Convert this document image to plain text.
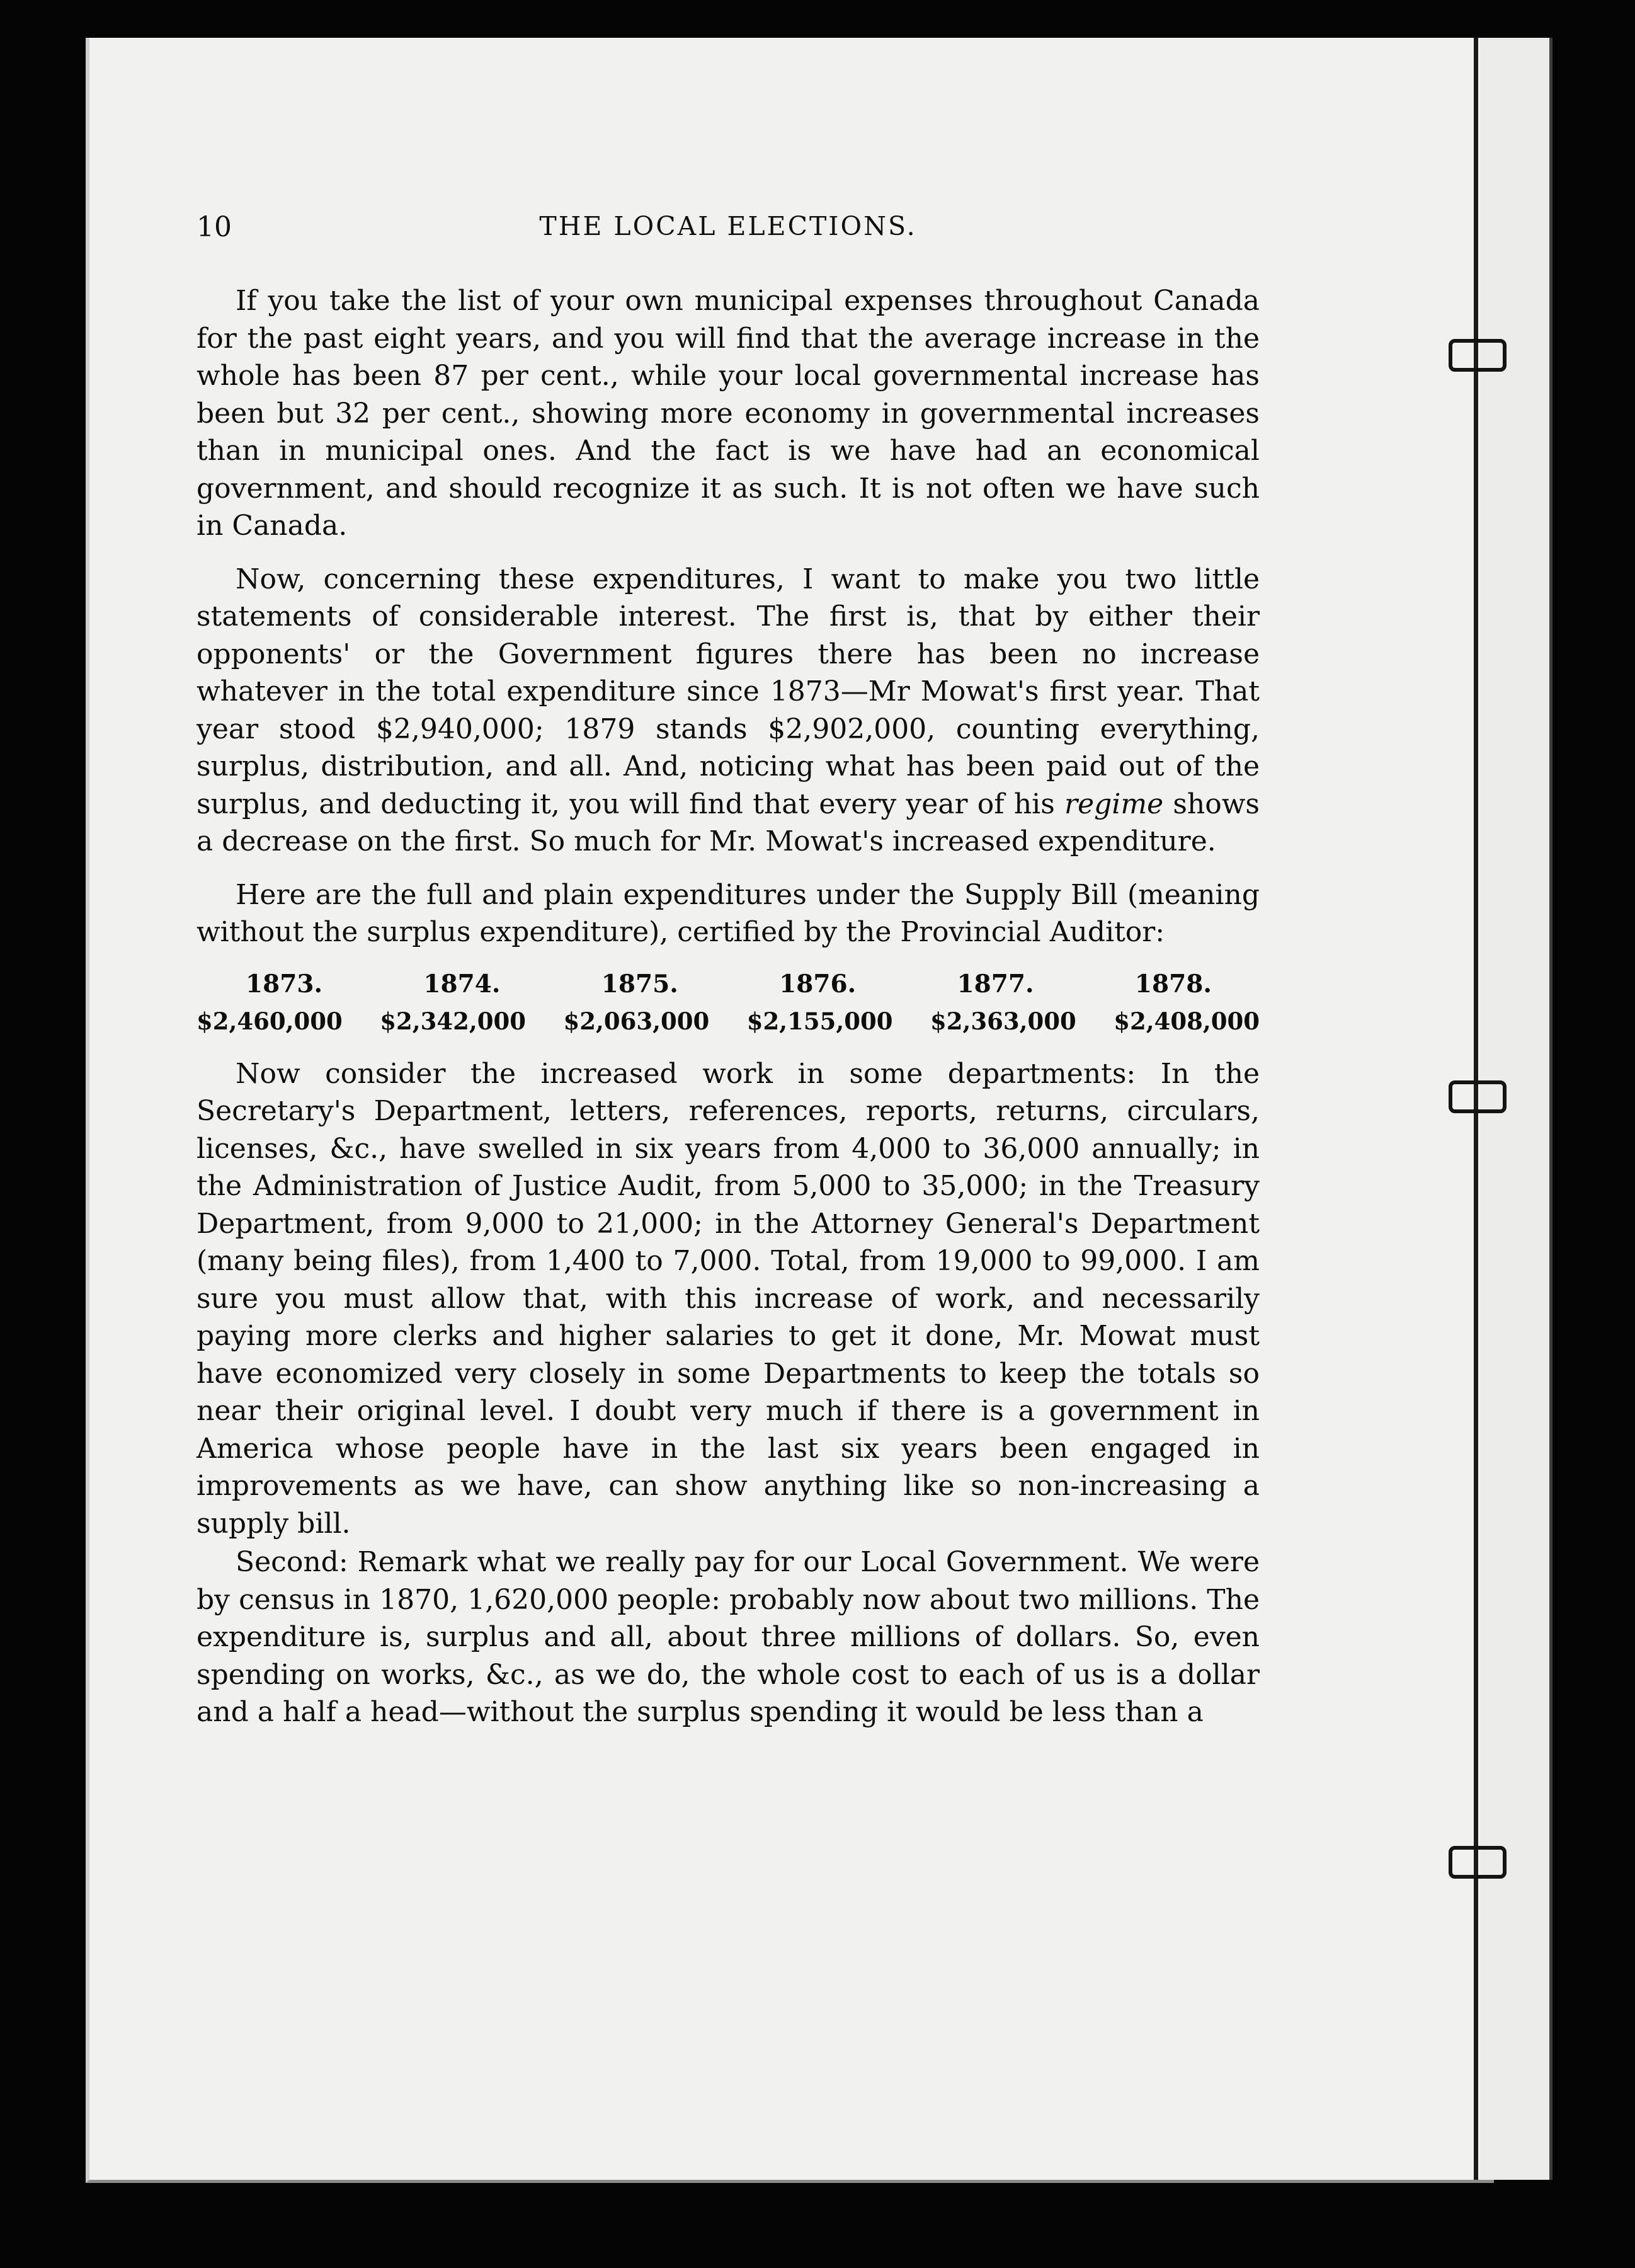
10	THE LOCAL ELECTIONS.

If you take the list of your own municipal expenses throughout Canada for the past eight years, and you will find that the average increase in the whole has been 87 per cent., while your local governmental increase has been but 32 per cent., showing more economy in governmental increases than in municipal ones. And the fact is we have had an economical government, and should recognize it as such. It is not often we have such in Canada.

Now, concerning these expenditures, I want to make you two little statements of considerable interest. The first is, that by either their opponents' or the Government figures there has been no increase whatever in the total expenditure since 1873—Mr Mowat's first year. That year stood $2,940,000; 1879 stands $2,902,000, counting everything, surplus, distribution, and all. And, noticing what has been paid out of the surplus, and deducting it, you will find that every year of his regime shows a decrease on the first. So much for Mr. Mowat's increased expenditure.

Here are the full and plain expenditures under the Supply Bill (meaning without the surplus expenditure), certified by the Provincial Auditor:

1873.	1874.	1875.	1876.	1877.	1878.
$2,460,000 $2,342,000 $2,063,000 $2,155,000 $2,363,000 $2,408,000

Now consider the increased work in some departments: In the Secretary's Department, letters, references, reports, returns, circulars, licenses, &c., have swelled in six years from 4,000 to 36,000 annually; in the Administration of Justice Audit, from 5,000 to 35,000; in the Treasury Department, from 9,000 to 21,000; in the Attorney General's Department (many being files), from 1,400 to 7,000. Total, from 19,000 to 99,000. I am sure you must allow that, with this increase of work, and necessarily paying more clerks and higher salaries to get it done, Mr. Mowat must have economized very closely in some Departments to keep the totals so near their original level. I doubt very much if there is a government in America whose people have in the last six years been engaged in improvements as we have, can show anything like so non-increasing a supply bill.

Second: Remark what we really pay for our Local Government. We were by census in 1870, 1,620,000 people: probably now about two millions. The expenditure is, surplus and all, about three millions of dollars. So, even spending on works, &c., as we do, the whole cost to each of us is a dollar and a half a head—without the surplus spending it would be less than a
